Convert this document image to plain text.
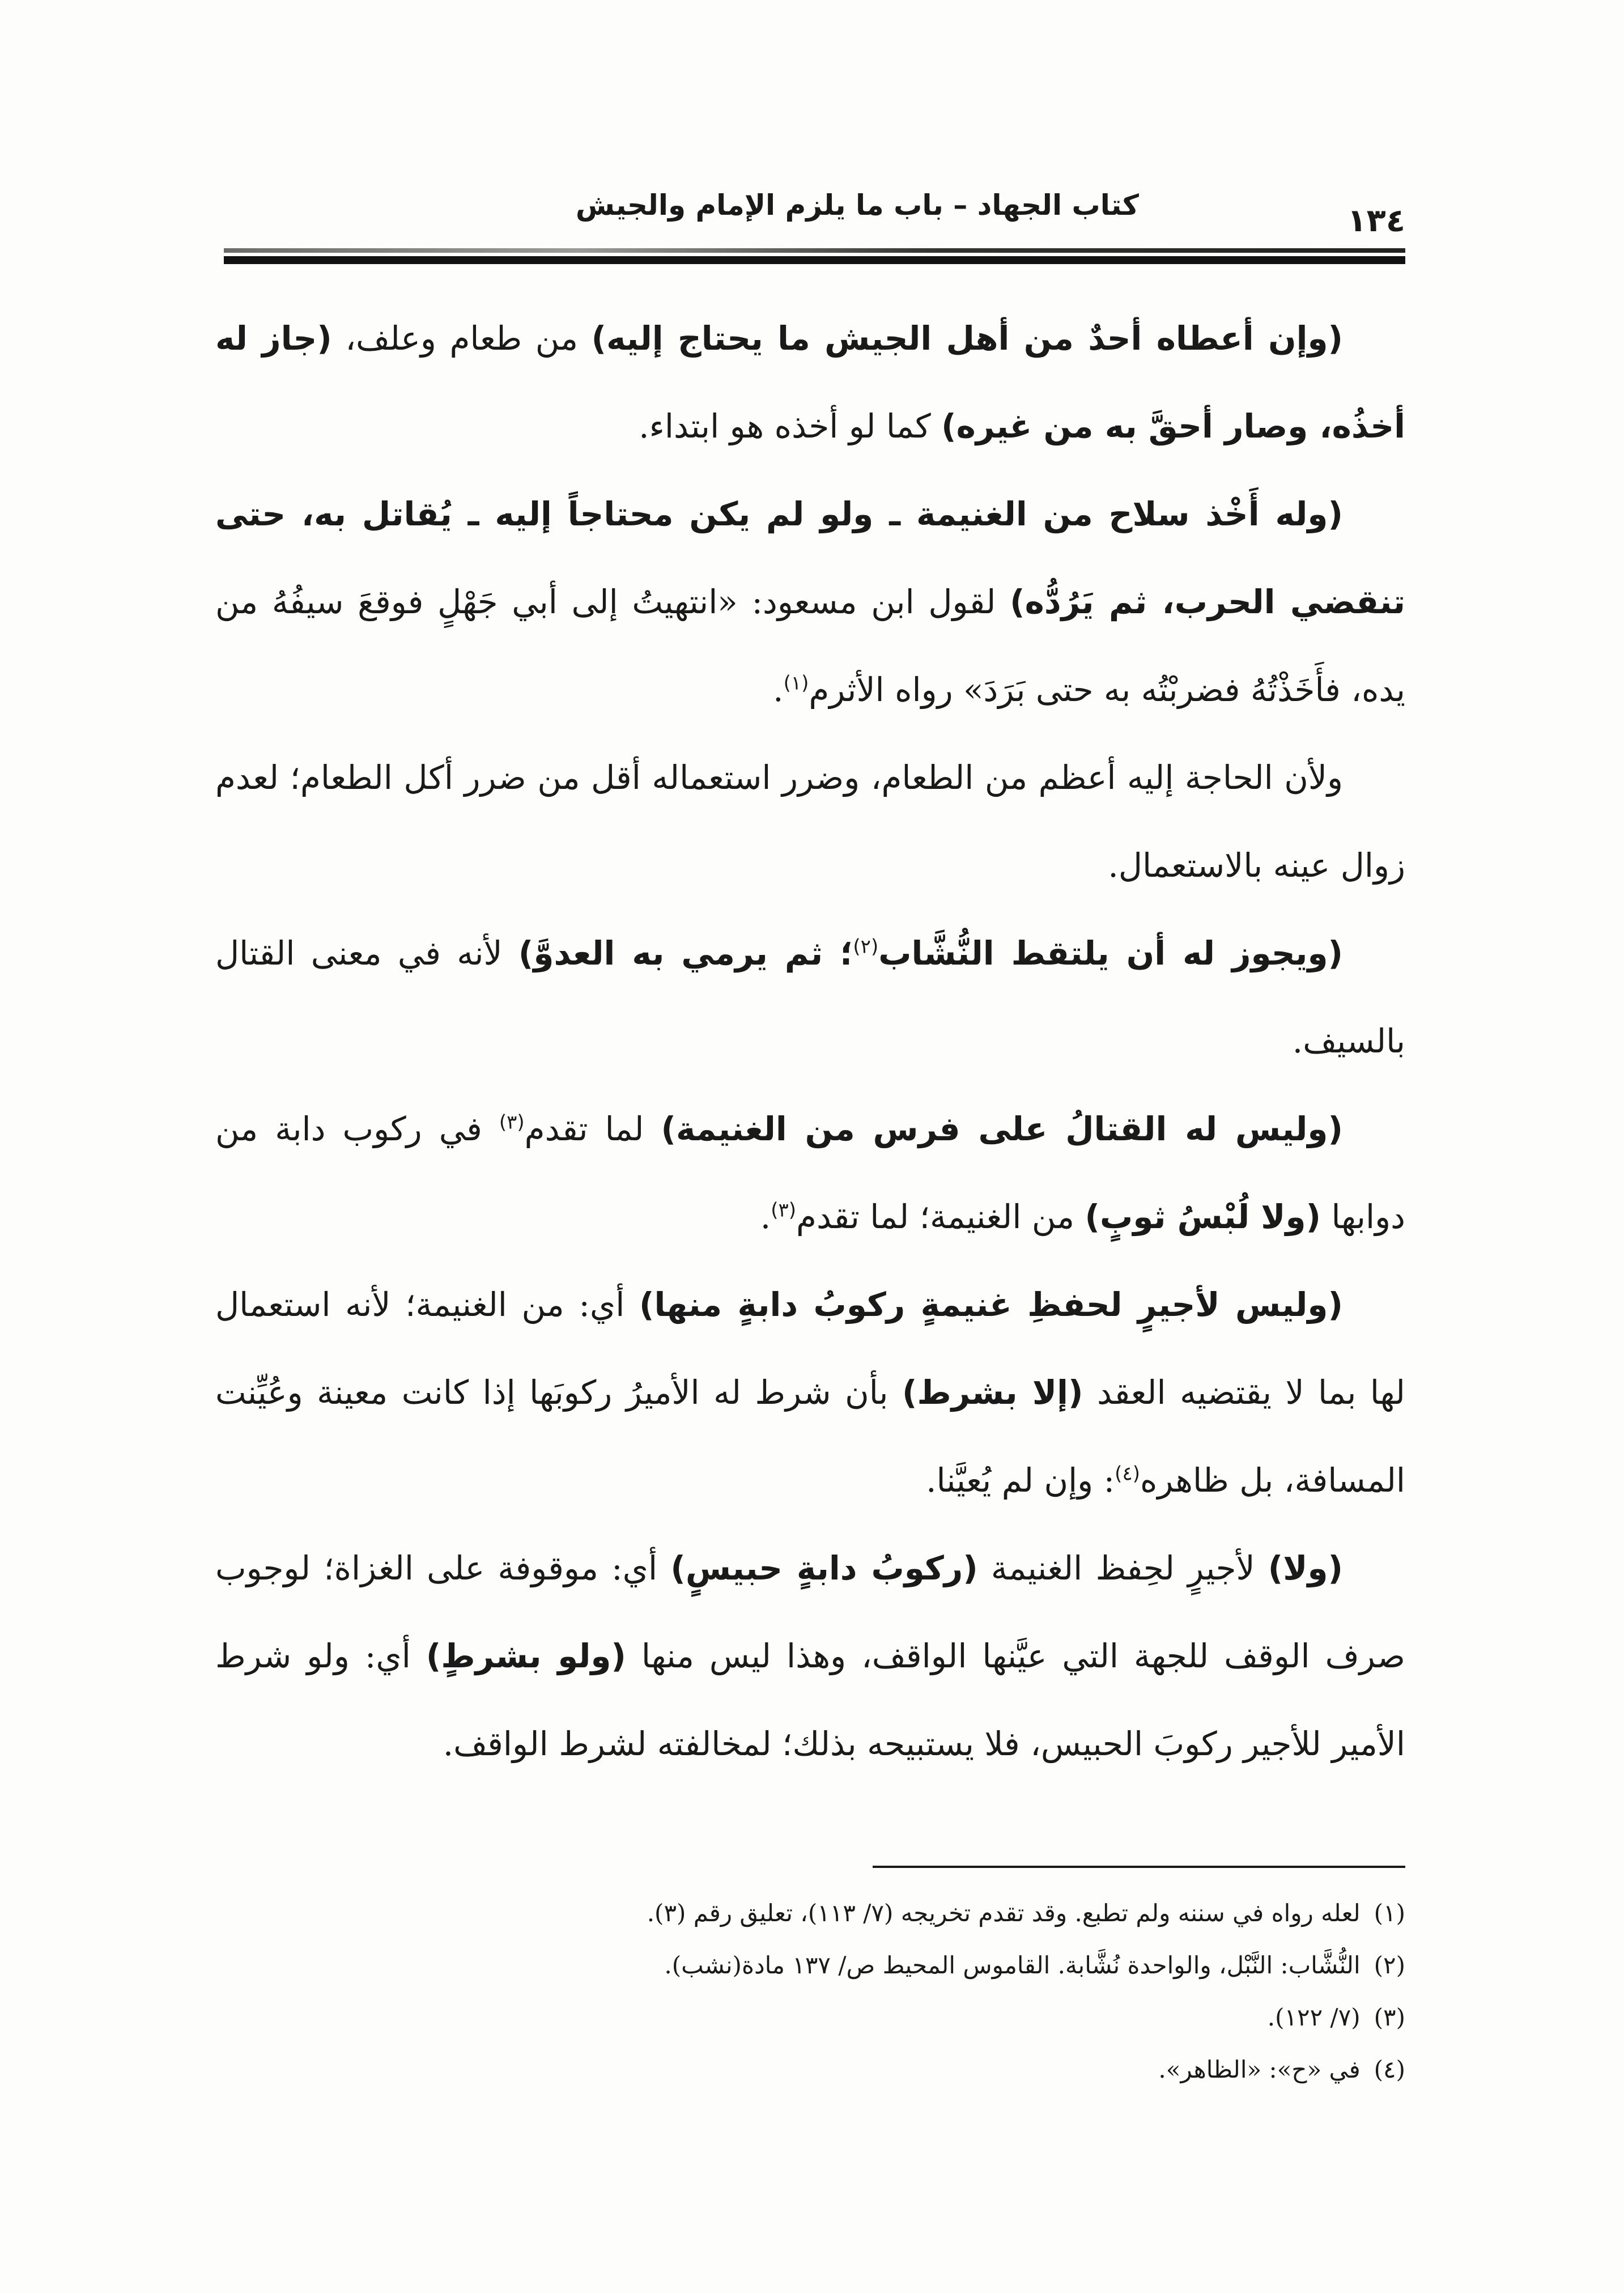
كتاب الجهاد – باب ما يلزم الإمام والجيش	١٣٤

(وإن أعطاه أحدٌ من أهل الجيش ما يحتاج إليه) من طعام وعلف، (جاز له أخذُه، وصار أحقَّ به من غيره) كما لو أخذه هو ابتداء.

(وله أَخْذ سلاح من الغنيمة ـ ولو لم يكن محتاجاً إليه ـ يُقاتل به، حتى تنقضي الحرب، ثم يَرُدُّه) لقول ابن مسعود: «انتهيتُ إلى أبي جَهْلٍ فوقعَ سيفُهُ من يده، فأَخَذْتُهُ فضربْتُه به حتى بَرَدَ» رواه الأثرم$^{(١)}$.

ولأن الحاجة إليه أعظم من الطعام، وضرر استعماله أقل من ضرر أكل الطعام؛ لعدم زوال عينه بالاستعمال.

(ويجوز له أن يلتقط النُّشَّاب$^{(٢)}$؛ ثم يرمي به العدوَّ) لأنه في معنى القتال بالسيف.

(وليس له القتالُ على فرس من الغنيمة) لما تقدم$^{(٣)}$ في ركوب دابة من دوابها (ولا لُبْسُ ثوبٍ) من الغنيمة؛ لما تقدم$^{(٣)}$.

(وليس لأجيرٍ لحفظِ غنيمةٍ ركوبُ دابةٍ منها) أي: من الغنيمة؛ لأنه استعمال لها بما لا يقتضيه العقد (إلا بشرط) بأن شرط له الأميرُ ركوبَها إذا كانت معينة وعُيِّنت المسافة، بل ظاهره$^{(٤)}$: وإن لم يُعيَّنا.

(ولا) لأجيرٍ لحِفظ الغنيمة (ركوبُ دابةٍ حبيسٍ) أي: موقوفة على الغزاة؛ لوجوب صرف الوقف للجهة التي عيَّنها الواقف، وهذا ليس منها (ولو بشرطٍ) أي: ولو شرط الأمير للأجير ركوبَ الحبيس، فلا يستبيحه بذلك؛ لمخالفته لشرط الواقف.

(١)لعله رواه في سننه ولم تطبع. وقد تقدم تخريجه (٧/ ١١٣)، تعليق رقم (٣).

(٢)النُّشَّاب: النَّبْل، والواحدة نُشَّابة. القاموس المحيط ص/ ١٣٧ مادة(نشب).

(٣)(٧/ ١٢٢).

(٤)في «ح»: «الظاهر».
